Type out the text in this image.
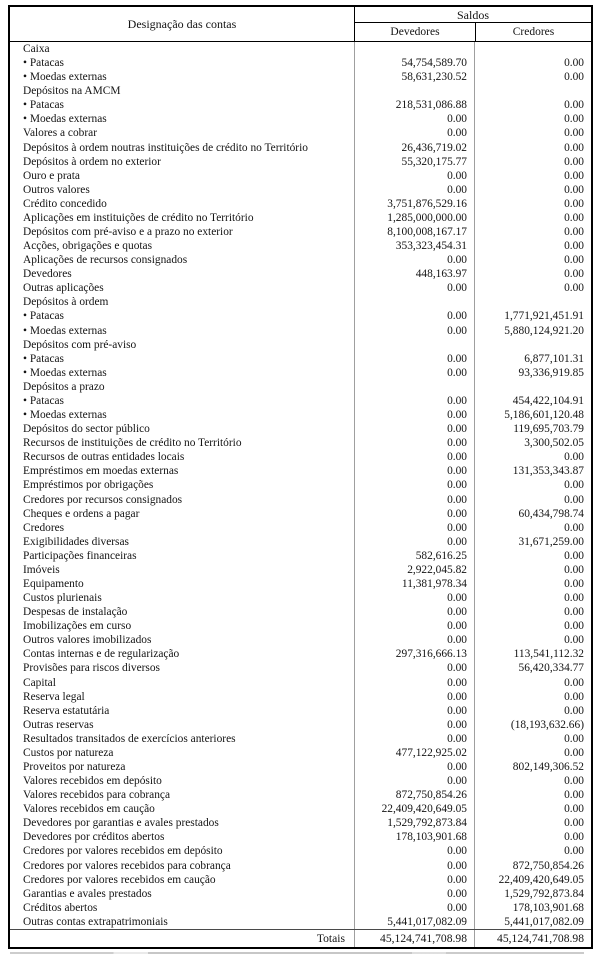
Designação das contas
Saldos
Devedores	Credores
Caixa
• Patacas	54,754,589.70	0.00
• Moedas externas	58,631,230.52	0.00
Depósitos na AMCM
• Patacas	218,531,086.88	0.00
• Moedas externas	0.00	0.00
Valores a cobrar	0.00	0.00
Depósitos à ordem noutras instituições de crédito no Território	26,436,719.02	0.00
Depósitos à ordem no exterior	55,320,175.77	0.00
Ouro e prata	0.00	0.00
Outros valores	0.00	0.00
Crédito concedido	3,751,876,529.16	0.00
Aplicações em instituições de crédito no Território	1,285,000,000.00	0.00
Depósitos com pré-aviso e a prazo no exterior	8,100,008,167.17	0.00
Acções, obrigações e quotas	353,323,454.31	0.00
Aplicações de recursos consignados	0.00	0.00
Devedores	448,163.97	0.00
Outras aplicações	0.00	0.00
Depósitos à ordem
• Patacas	0.00	1,771,921,451.91
• Moedas externas	0.00	5,880,124,921.20
Depósitos com pré-aviso
• Patacas	0.00	6,877,101.31
• Moedas externas	0.00	93,336,919.85
Depósitos a prazo
• Patacas	0.00	454,422,104.91
• Moedas externas	0.00	5,186,601,120.48
Depósitos do sector público	0.00	119,695,703.79
Recursos de instituições de crédito no Território	0.00	3,300,502.05
Recursos de outras entidades locais	0.00	0.00
Empréstimos em moedas externas	0.00	131,353,343.87
Empréstimos por obrigações	0.00	0.00
Credores por recursos consignados	0.00	0.00
Cheques e ordens a pagar	0.00	60,434,798.74
Credores	0.00	0.00
Exigibilidades diversas	0.00	31,671,259.00
Participações financeiras	582,616.25	0.00
Imóveis	2,922,045.82	0.00
Equipamento	11,381,978.34	0.00
Custos plurienais	0.00	0.00
Despesas de instalação	0.00	0.00
Imobilizações em curso	0.00	0.00
Outros valores imobilizados	0.00	0.00
Contas internas e de regularização	297,316,666.13	113,541,112.32
Provisões para riscos diversos	0.00	56,420,334.77
Capital	0.00	0.00
Reserva legal	0.00	0.00
Reserva estatutária	0.00	0.00
Outras reservas	0.00	(18,193,632.66)
Resultados transitados de exercícios anteriores	0.00	0.00
Custos por natureza	477,122,925.02	0.00
Proveitos por natureza	0.00	802,149,306.52
Valores recebidos em depósito	0.00	0.00
Valores recebidos para cobrança	872,750,854.26	0.00
Valores recebidos em caução	22,409,420,649.05	0.00
Devedores por garantias e avales prestados	1,529,792,873.84	0.00
Devedores por créditos abertos	178,103,901.68	0.00
Credores por valores recebidos em depósito	0.00	0.00
Credores por valores recebidos para cobrança	0.00	872,750,854.26
Credores por valores recebidos em caução	0.00	22,409,420,649.05
Garantias e avales prestados	0.00	1,529,792,873.84
Créditos abertos	0.00	178,103,901.68
Outras contas extrapatrimoniais	5,441,017,082.09	5,441,017,082.09
Totais	45,124,741,708.98	45,124,741,708.98
